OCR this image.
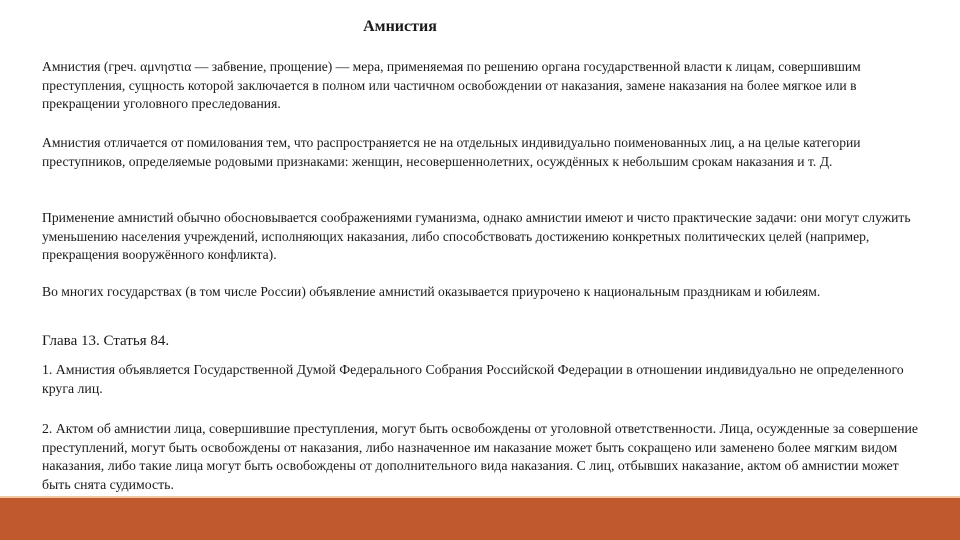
Амнистия

Амнистия (греч. αμνηστια — забвение, прощение) — мера, применяемая по решению органа государственной власти к лицам, совершившим преступления, сущность которой заключается в полном или частичном освобождении от наказания, замене наказания на более мягкое или в прекращении уголовного преследования.

Амнистия отличается от помилования тем, что распространяется не на отдельных индивидуально поименованных лиц, а на целые категории преступников, определяемые родовыми признаками: женщин, несовершеннолетних, осуждённых к небольшим срокам наказания и т. Д.

Применение амнистий обычно обосновывается соображениями гуманизма, однако амнистии имеют и чисто практические задачи: они могут служить уменьшению населения учреждений, исполняющих наказания, либо способствовать достижению конкретных политических целей (например, прекращения вооружённого конфликта).

Во многих государствах (в том числе России) объявление амнистий оказывается приурочено к национальным праздникам и юбилеям.

Глава 13. Статья 84.

1. Амнистия объявляется Государственной Думой Федерального Собрания Российской Федерации в отношении индивидуально не определенного круга лиц.

2. Актом об амнистии лица, совершившие преступления, могут быть освобождены от уголовной ответственности. Лица, осужденные за совершение преступлений, могут быть освобождены от наказания, либо назначенное им наказание может быть сокращено или заменено более мягким видом наказания, либо такие лица могут быть освобождены от дополнительного вида наказания. С лиц, отбывших наказание, актом об амнистии может быть снята судимость.
